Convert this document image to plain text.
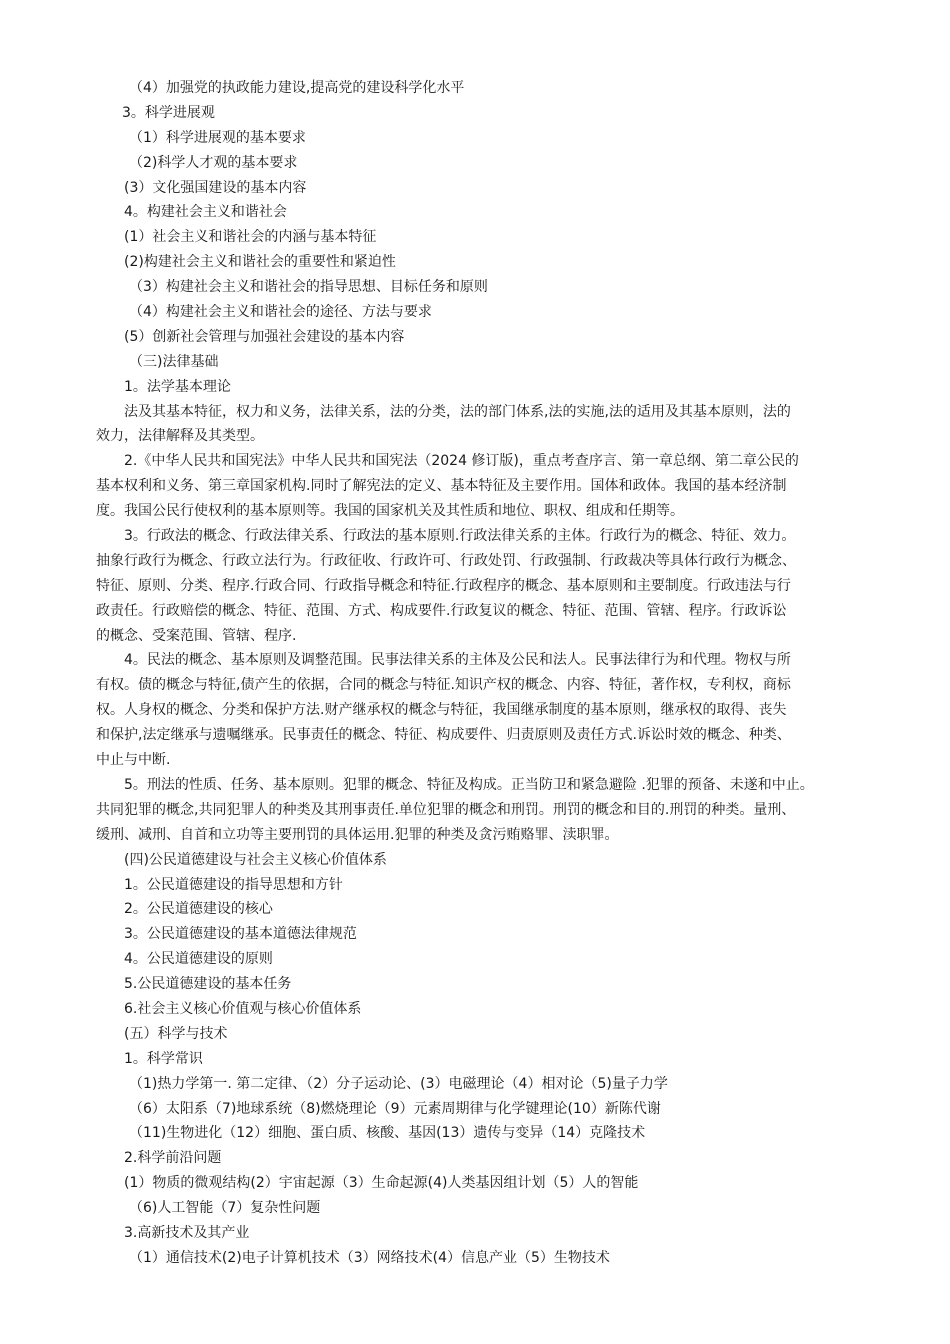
（4）加强党的执政能力建设,提高党的建设科学化水平
3。科学进展观
（1）科学进展观的基本要求
（2)科学人才观的基本要求
(3）文化强国建设的基本内容
4。构建社会主义和谐社会
(1）社会主义和谐社会的内涵与基本特征
(2)构建社会主义和谐社会的重要性和紧迫性
（3）构建社会主义和谐社会的指导思想、目标任务和原则
（4）构建社会主义和谐社会的途径、方法与要求
(5）创新社会管理与加强社会建设的基本内容
（三)法律基础
1。法学基本理论
法及其基本特征，权力和义务，法律关系，法的分类，法的部门体系,法的实施,法的适用及其基本原则，法的
效力，法律解释及其类型。
2.《中华人民共和国宪法》中华人民共和国宪法（2024 修订版)，重点考查序言、第一章总纲、第二章公民的
基本权利和义务、第三章国家机构.同时了解宪法的定义、基本特征及主要作用。国体和政体。我国的基本经济制
度。我国公民行使权利的基本原则等。我国的国家机关及其性质和地位、职权、组成和任期等。
3。行政法的概念、行政法律关系、行政法的基本原则.行政法律关系的主体。行政行为的概念、特征、效力。
抽象行政行为概念、行政立法行为。行政征收、行政许可、行政处罚、行政强制、行政裁决等具体行政行为概念、
特征、原则、分类、程序.行政合同、行政指导概念和特征.行政程序的概念、基本原则和主要制度。行政违法与行
政责任。行政赔偿的概念、特征、范围、方式、构成要件.行政复议的概念、特征、范围、管辖、程序。行政诉讼
的概念、受案范围、管辖、程序.
4。民法的概念、基本原则及调整范围。民事法律关系的主体及公民和法人。民事法律行为和代理。物权与所
有权。债的概念与特征,债产生的依据，合同的概念与特征.知识产权的概念、内容、特征，著作权，专利权，商标
权。人身权的概念、分类和保护方法.财产继承权的概念与特征，我国继承制度的基本原则，继承权的取得、丧失
和保护,法定继承与遗嘱继承。民事责任的概念、特征、构成要件、归责原则及责任方式.诉讼时效的概念、种类、
中止与中断.
5。刑法的性质、任务、基本原则。犯罪的概念、特征及构成。正当防卫和紧急避险 .犯罪的预备、未遂和中止。
共同犯罪的概念,共同犯罪人的种类及其刑事责任.单位犯罪的概念和刑罚。刑罚的概念和目的.刑罚的种类。量刑、
缓刑、减刑、自首和立功等主要刑罚的具体运用.犯罪的种类及贪污贿赂罪、渎职罪。
(四)公民道德建设与社会主义核心价值体系
1。公民道德建设的指导思想和方针
2。公民道德建设的核心
3。公民道德建设的基本道德法律规范
4。公民道德建设的原则
5.公民道德建设的基本任务
6.社会主义核心价值观与核心价值体系
(五）科学与技术
1。科学常识
（1)热力学第一. 第二定律、（2）分子运动论、(3）电磁理论（4）相对论（5)量子力学
（6）太阳系（7)地球系统（8)燃烧理论（9）元素周期律与化学键理论(10）新陈代谢
（11)生物进化（12）细胞、蛋白质、核酸、基因(13）遗传与变异（14）克隆技术
2.科学前沿问题
(1）物质的微观结构(2）宇宙起源（3）生命起源(4)人类基因组计划（5）人的智能
（6)人工智能（7）复杂性问题
3.高新技术及其产业
（1）通信技术(2)电子计算机技术（3）网络技术(4）信息产业（5）生物技术
